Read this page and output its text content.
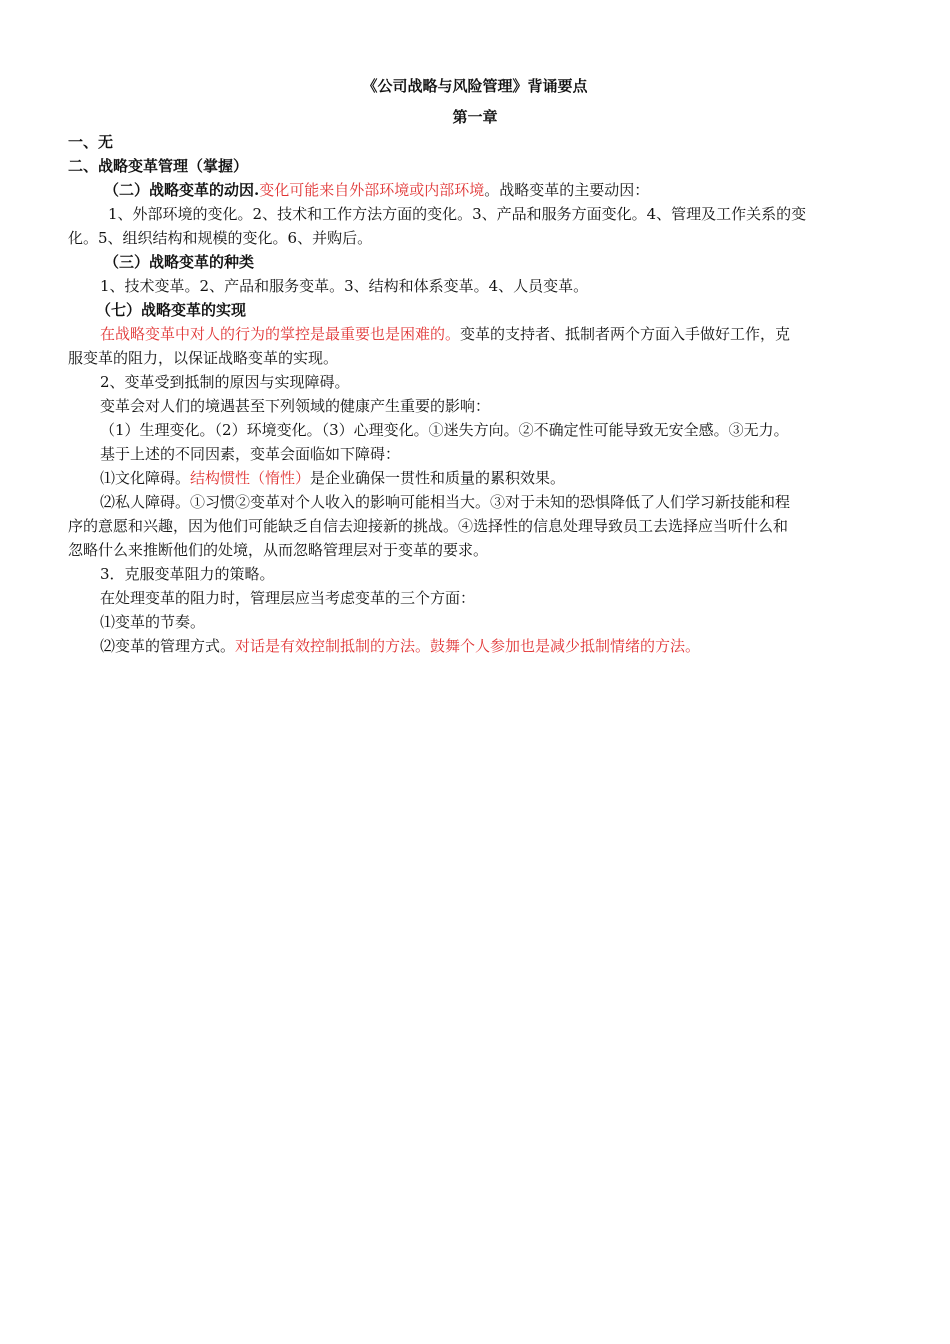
《公司战略与风险管理》背诵要点
第一章
一、无
二、战略变革管理（掌握）
（二）战略变革的动因.变化可能来自外部环境或内部环境。战略变革的主要动因：
1、外部环境的变化。2、技术和工作方法方面的变化。3、产品和服务方面变化。4、管理及工作关系的变
化。5、组织结构和规模的变化。6、并购后。
（三）战略变革的种类
1、技术变革。2、产品和服务变革。3、结构和体系变革。4、人员变革。
（七）战略变革的实现
在战略变革中对人的行为的掌控是最重要也是困难的。变革的支持者、抵制者两个方面入手做好工作，克
服变革的阻力，以保证战略变革的实现。
2、变革受到抵制的原因与实现障碍。
变革会对人们的境遇甚至下列领域的健康产生重要的影响：
（1）生理变化。（2）环境变化。（3）心理变化。①迷失方向。②不确定性可能导致无安全感。③无力。
基于上述的不同因素，变革会面临如下障碍：
⑴文化障碍。结构惯性（惰性）是企业确保一贯性和质量的累积效果。
⑵私人障碍。①习惯②变革对个人收入的影响可能相当大。③对于未知的恐惧降低了人们学习新技能和程
序的意愿和兴趣，因为他们可能缺乏自信去迎接新的挑战。④选择性的信息处理导致员工去选择应当听什么和
忽略什么来推断他们的处境，从而忽略管理层对于变革的要求。
3．克服变革阻力的策略。
在处理变革的阻力时，管理层应当考虑变革的三个方面：
⑴变革的节奏。
⑵变革的管理方式。对话是有效控制抵制的方法。鼓舞个人参加也是减少抵制情绪的方法。
